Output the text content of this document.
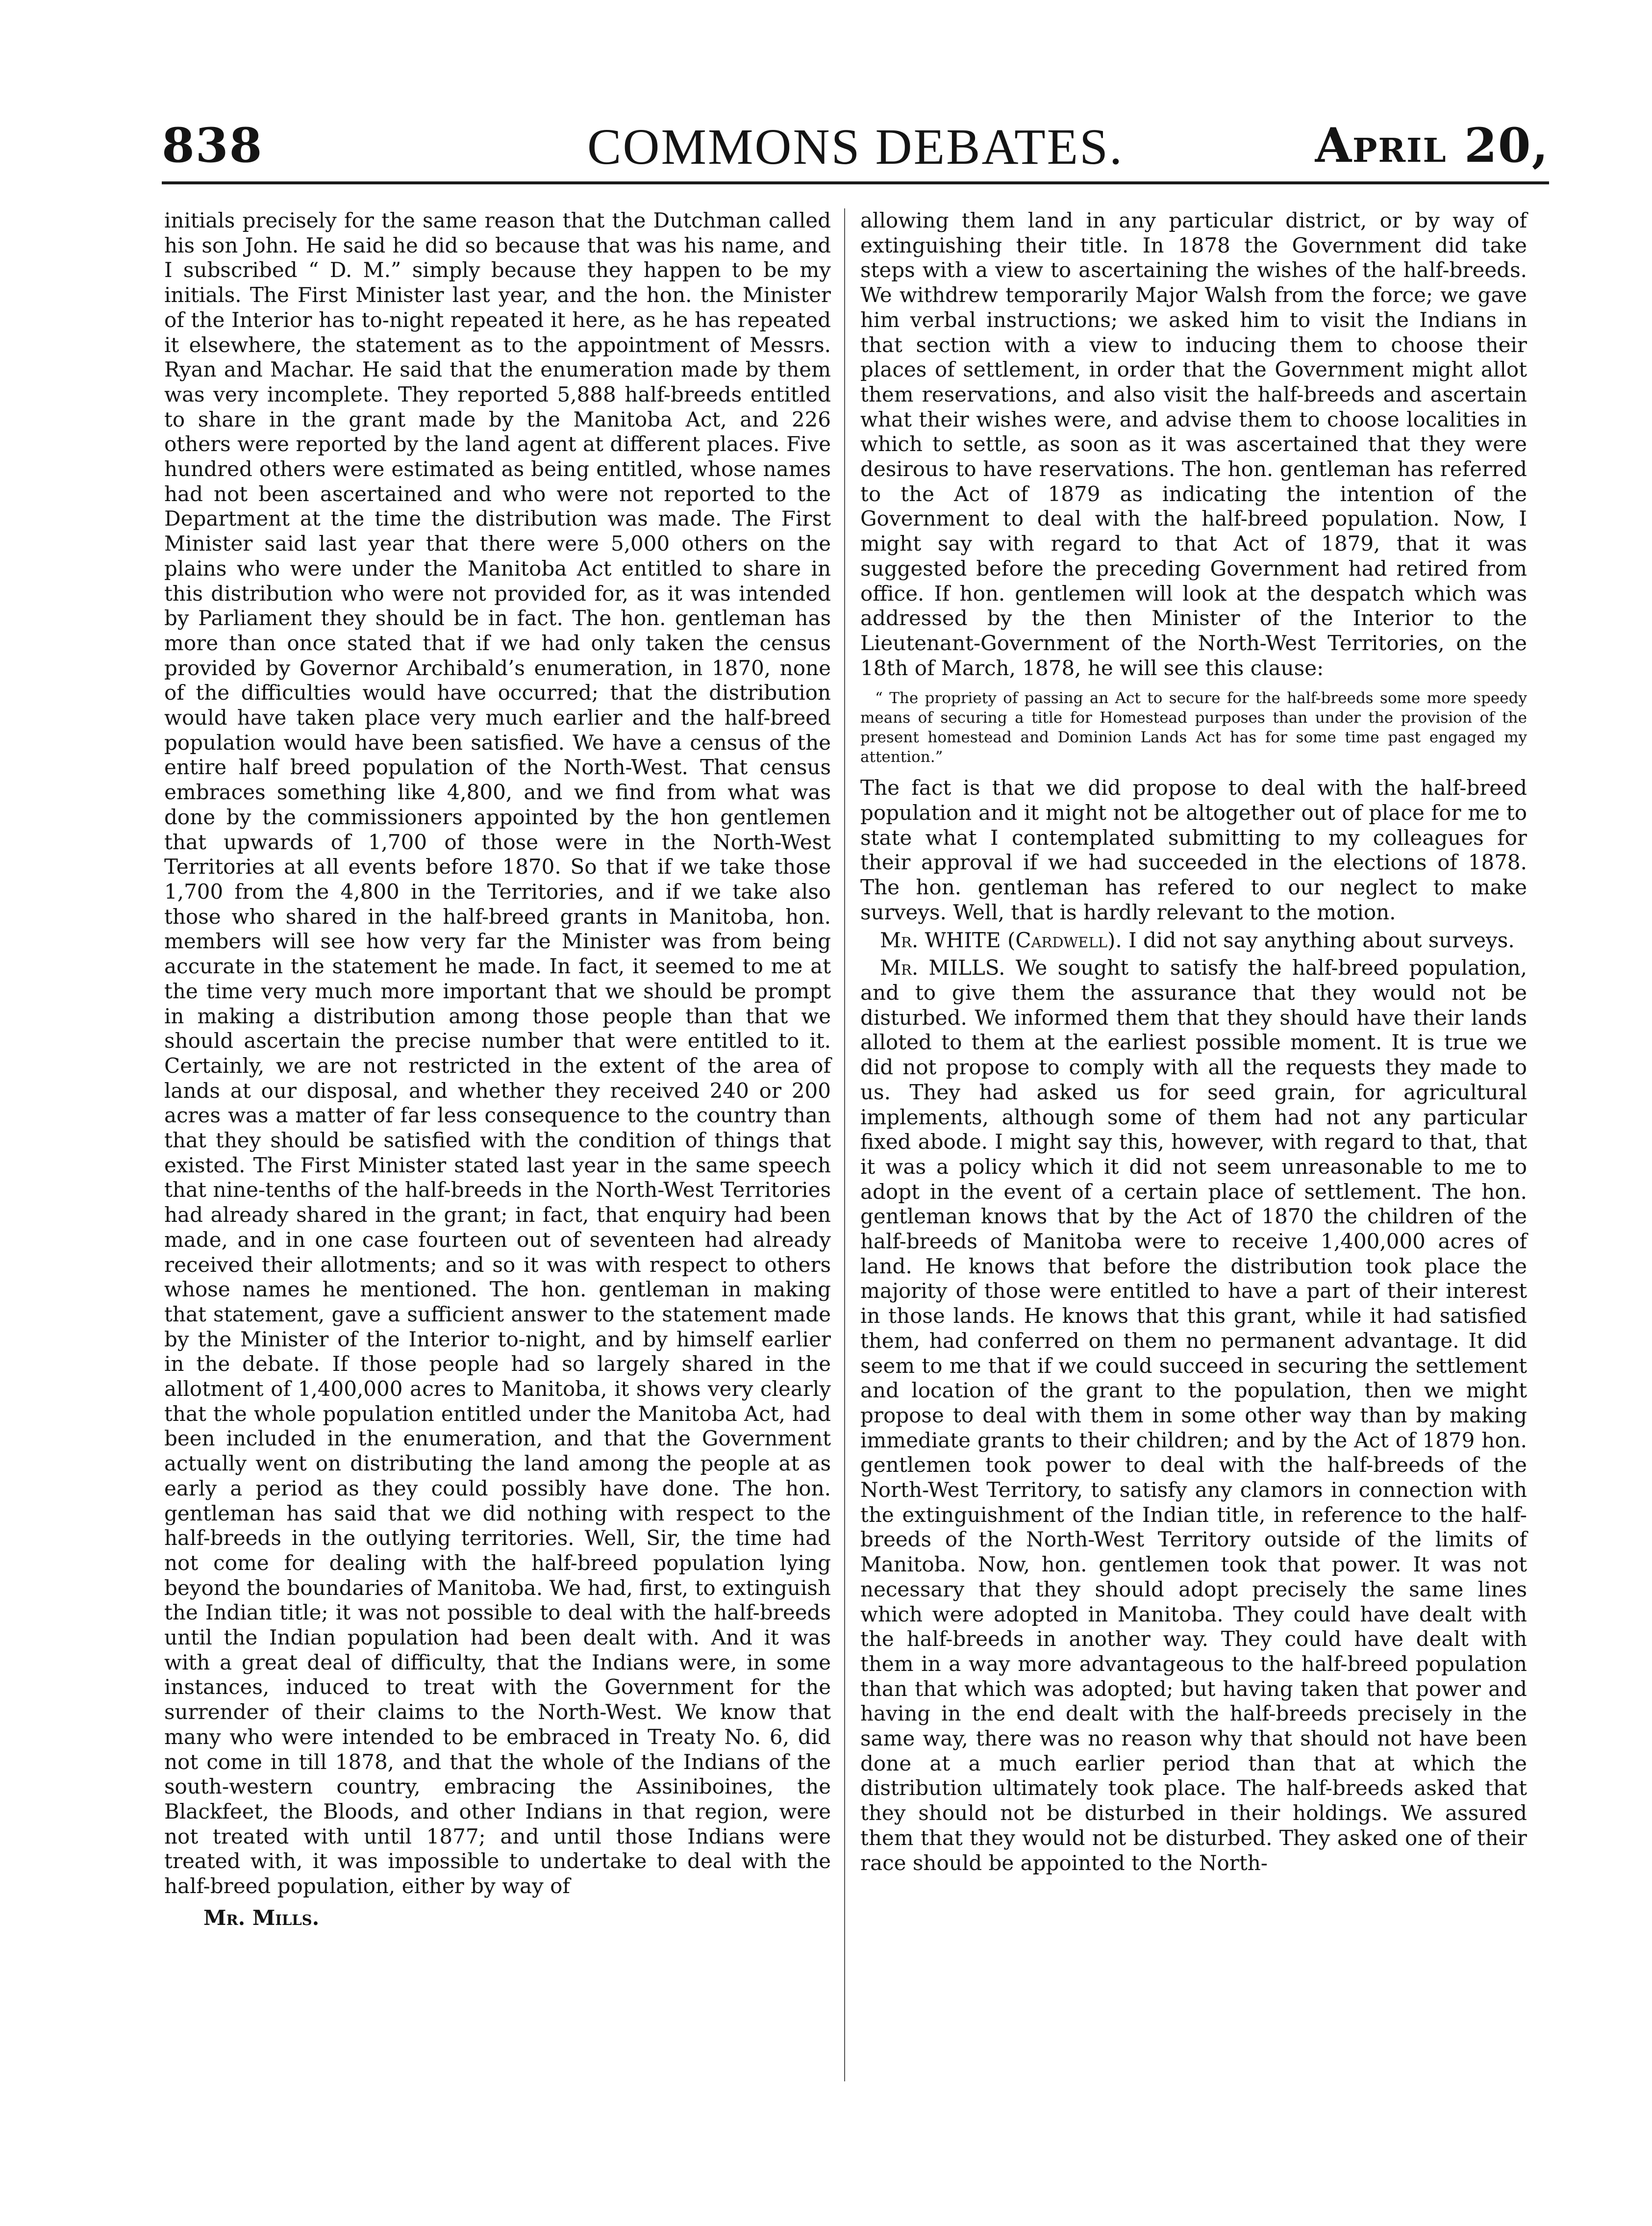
838	COMMONS DEBATES.	April 20,

initials precisely for the same reason that the Dutchman called his son John. He said he did so because that was his name, and I subscribed “ D. M.” simply because they happen to be my initials. The First Minister last year, and the hon. the Minister of the Interior has to-night repeated it here, as he has repeated it elsewhere, the statement as to the appointment of Messrs. Ryan and Machar. He said that the enumeration made by them was very incomplete. They reported 5,888 half-breeds entitled to share in the grant made by the Manitoba Act, and 226 others were reported by the land agent at different places. Five hundred others were estimated as being entitled, whose names had not been ascertained and who were not reported to the Department at the time the distribution was made. The First Minister said last year that there were 5,000 others on the plains who were under the Manitoba Act entitled to share in this distribution who were not provided for, as it was intended by Parliament they should be in fact. The hon. gentleman has more than once stated that if we had only taken the census provided by Governor Archibald’s enumeration, in 1870, none of the difficulties would have occurred; that the distribution would have taken place very much earlier and the half-breed population would have been satisfied. We have a census of the entire half breed population of the North-West. That census embraces something like 4,800, and we find from what was done by the commissioners appointed by the hon gentlemen that upwards of 1,700 of those were in the North-West Territories at all events before 1870. So that if we take those 1,700 from the 4,800 in the Territories, and if we take also those who shared in the half-breed grants in Manitoba, hon. members will see how very far the Minister was from being accurate in the statement he made. In fact, it seemed to me at the time very much more important that we should be prompt in making a distribution among those people than that we should ascertain the precise number that were entitled to it. Certainly, we are not restricted in the extent of the area of lands at our disposal, and whether they received 240 or 200 acres was a matter of far less consequence to the country than that they should be satisfied with the condition of things that existed. The First Minister stated last year in the same speech that nine-tenths of the half-breeds in the North-West Territories had already shared in the grant; in fact, that enquiry had been made, and in one case fourteen out of seventeen had already received their allotments; and so it was with respect to others whose names he mentioned. The hon. gentleman in making that statement, gave a sufficient answer to the statement made by the Minister of the Interior to-night, and by himself earlier in the debate. If those people had so largely shared in the allotment of 1,400,000 acres to Manitoba, it shows very clearly that the whole population entitled under the Manitoba Act, had been included in the enumeration, and that the Government actually went on distributing the land among the people at as early a period as they could possibly have done. The hon. gentleman has said that we did nothing with respect to the half-breeds in the outlying territories. Well, Sir, the time had not come for dealing with the half-breed population lying beyond the boundaries of Manitoba. We had, first, to extinguish the Indian title; it was not possible to deal with the half-breeds until the Indian population had been dealt with. And it was with a great deal of difficulty, that the Indians were, in some instances, induced to treat with the Government for the surrender of their claims to the North-West. We know that many who were intended to be embraced in Treaty No. 6, did not come in till 1878, and that the whole of the Indians of the south-western country, embracing the Assiniboines, the Blackfeet, the Bloods, and other Indians in that region, were not treated with until 1877; and until those Indians were treated with, it was impossible to undertake to deal with the half-breed population, either by way of

Mr. Mills.

allowing them land in any particular district, or by way of extinguishing their title. In 1878 the Government did take steps with a view to ascertaining the wishes of the half-breeds. We withdrew temporarily Major Walsh from the force; we gave him verbal instructions; we asked him to visit the Indians in that section with a view to inducing them to choose their places of settlement, in order that the Government might allot them reservations, and also visit the half-breeds and ascertain what their wishes were, and advise them to choose localities in which to settle, as soon as it was ascertained that they were desirous to have reservations. The hon. gentleman has referred to the Act of 1879 as indicating the intention of the Government to deal with the half-breed population. Now, I might say with regard to that Act of 1879, that it was suggested before the preceding Government had retired from office. If hon. gentlemen will look at the despatch which was addressed by the then Minister of the Interior to the Lieutenant-Government of the North-West Territories, on the 18th of March, 1878, he will see this clause:

“ The propriety of passing an Act to secure for the half-breeds some more speedy means of securing a title for Homestead purposes than under the provision of the present homestead and Dominion Lands Act has for some time past engaged my attention.”

The fact is that we did propose to deal with the half-breed population and it might not be altogether out of place for me to state what I contemplated submitting to my colleagues for their approval if we had succeeded in the elections of 1878. The hon. gentleman has refered to our neglect to make surveys. Well, that is hardly relevant to the motion.

Mr. WHITE (Cardwell). I did not say anything about surveys.

Mr. MILLS. We sought to satisfy the half-breed population, and to give them the assurance that they would not be disturbed. We informed them that they should have their lands alloted to them at the earliest possible moment. It is true we did not propose to comply with all the requests they made to us. They had asked us for seed grain, for agricultural implements, although some of them had not any particular fixed abode. I might say this, however, with regard to that, that it was a policy which it did not seem unreasonable to me to adopt in the event of a certain place of settlement. The hon. gentleman knows that by the Act of 1870 the children of the half-breeds of Manitoba were to receive 1,400,000 acres of land. He knows that before the distribution took place the majority of those were entitled to have a part of their interest in those lands. He knows that this grant, while it had satisfied them, had conferred on them no permanent advantage. It did seem to me that if we could succeed in securing the settlement and location of the grant to the population, then we might propose to deal with them in some other way than by making immediate grants to their children; and by the Act of 1879 hon. gentlemen took power to deal with the half-breeds of the North-West Territory, to satisfy any clamors in connection with the extinguishment of the Indian title, in reference to the half-breeds of the North-West Territory outside of the limits of Manitoba. Now, hon. gentlemen took that power. It was not necessary that they should adopt precisely the same lines which were adopted in Manitoba. They could have dealt with the half-breeds in another way. They could have dealt with them in a way more advantageous to the half-breed population than that which was adopted; but having taken that power and having in the end dealt with the half-breeds precisely in the same way, there was no reason why that should not have been done at a much earlier period than that at which the distribution ultimately took place. The half-breeds asked that they should not be disturbed in their holdings. We assured them that they would not be disturbed. They asked one of their race should be appointed to the North-
